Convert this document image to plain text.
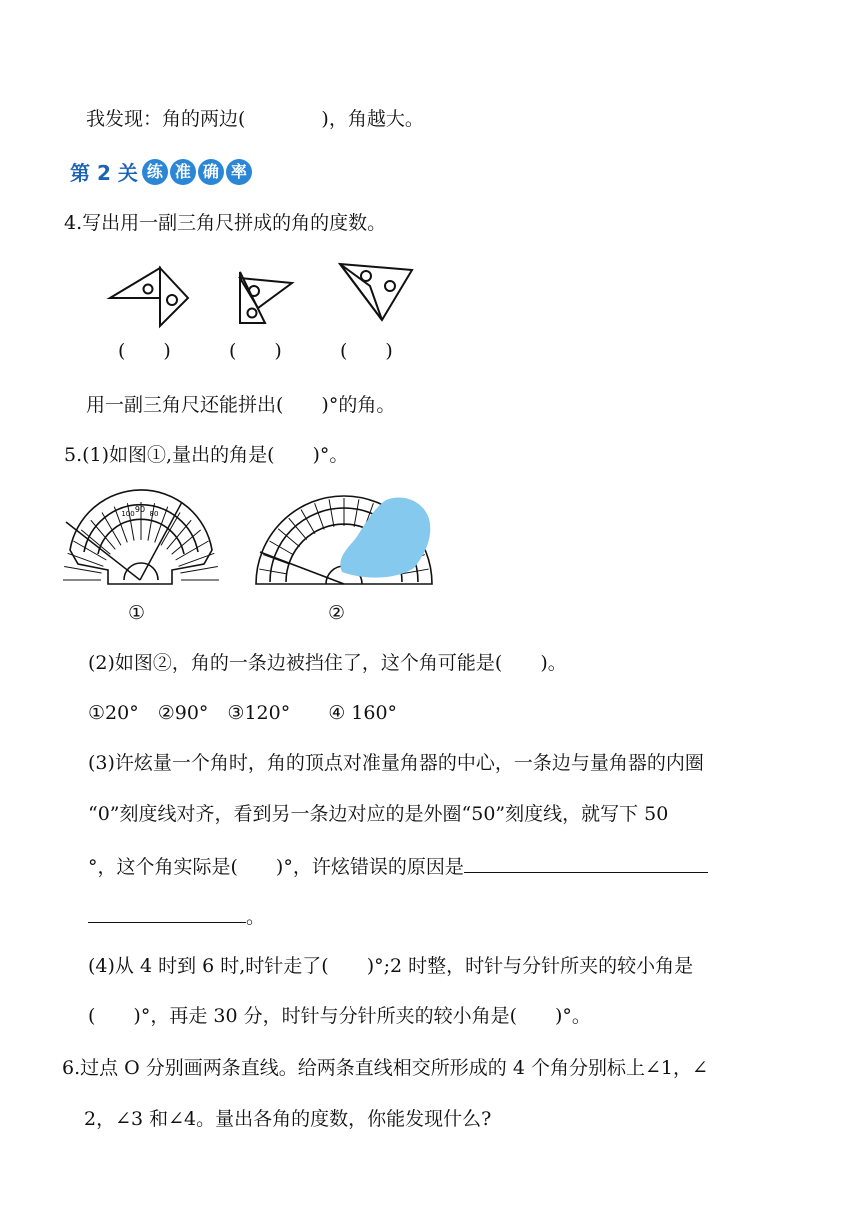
我发现：角的两边(　　　　)，角越大。
第 2 关 练 准 确 率
4.写出用一副三角尺拼成的角的度数。
(　　)	(　　)	(　　)
用一副三角尺还能拼出(　　)°的角。
5.(1)如图①,量出的角是(　　)°。
90
100 80
①	②
(2)如图②，角的一条边被挡住了，这个角可能是(　　)。
①20°　②90°　③120°　　④ 160°
(3)许炫量一个角时，角的顶点对准量角器的中心，一条边与量角器的内圈
“0”刻度线对齐，看到另一条边对应的是外圈“50”刻度线，就写下 50
°，这个角实际是(　　)°，许炫错误的原因是
。
(4)从 4 时到 6 时,时针走了(　　)°;2 时整，时针与分针所夹的较小角是
(　　)°，再走 30 分，时针与分针所夹的较小角是(　　)°。
6.过点 O 分别画两条直线。给两条直线相交所形成的 4 个角分别标上∠1，∠
2，∠3 和∠4。量出各角的度数，你能发现什么?
